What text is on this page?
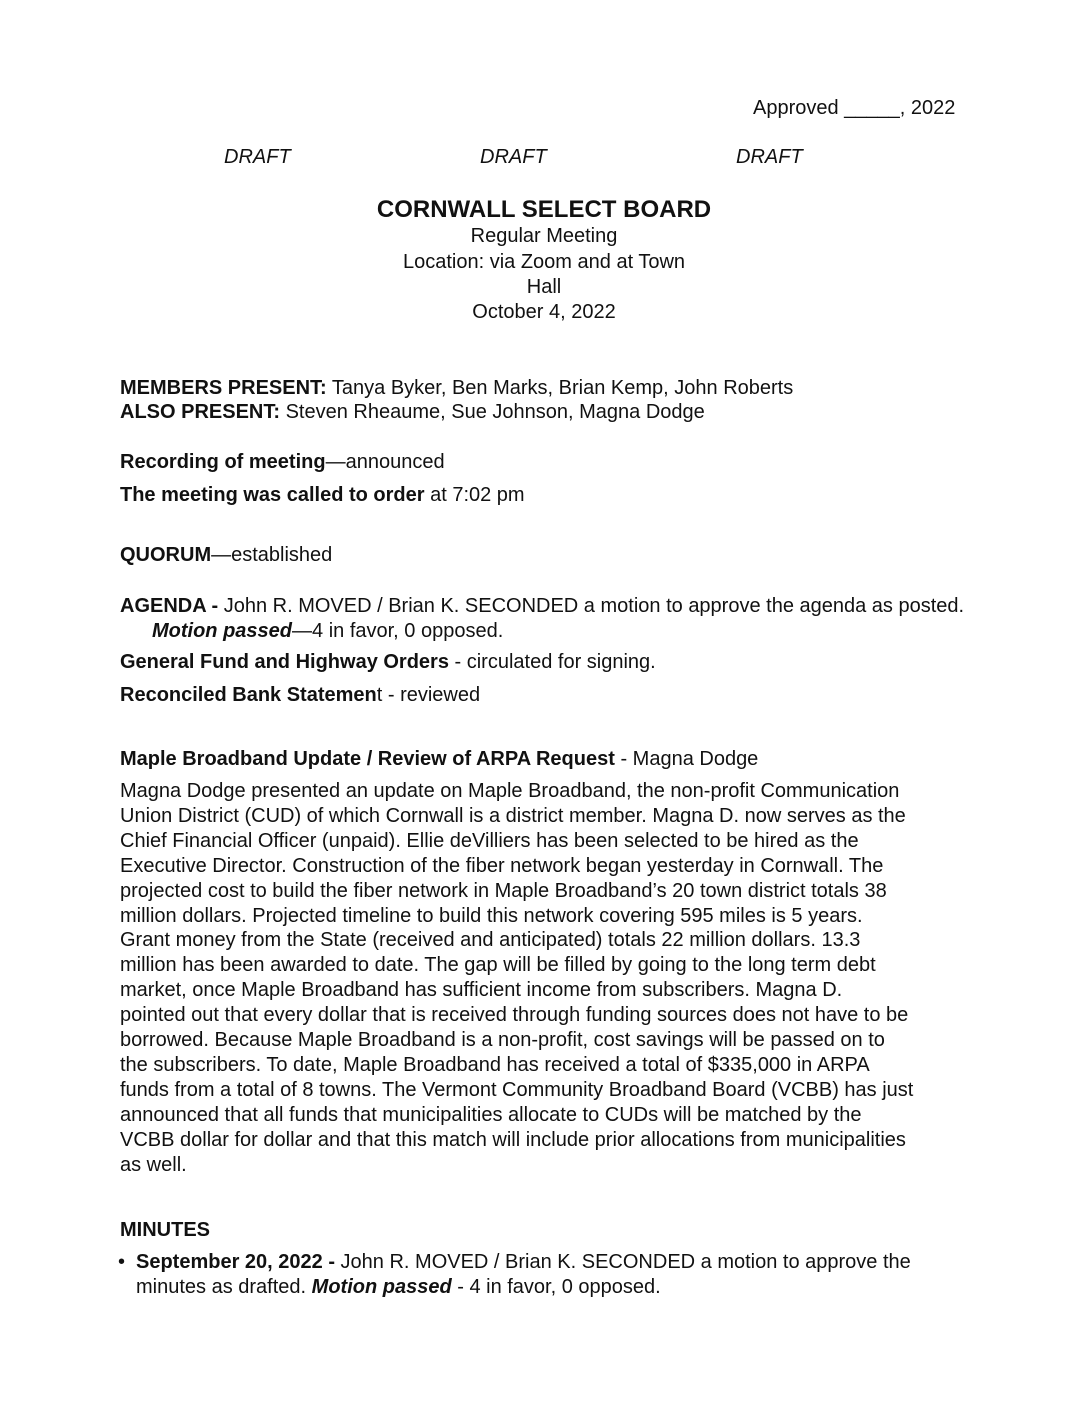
Approved _____, 2022

DRAFT	DRAFT	DRAFT

CORNWALL SELECT BOARD

Regular Meeting

Location: via Zoom and at Town

Hall

October 4, 2022

MEMBERS PRESENT: Tanya Byker, Ben Marks, Brian Kemp, John Roberts

ALSO PRESENT: Steven Rheaume, Sue Johnson, Magna Dodge

Recording of meeting—announced

The meeting was called to order at 7:02 pm

QUORUM—established

AGENDA - John R. MOVED / Brian K. SECONDED a motion to approve the agenda as posted. Motion passed—4 in favor, 0 opposed.

General Fund and Highway Orders - circulated for signing.

Reconciled Bank Statement - reviewed

Maple Broadband Update / Review of ARPA Request - Magna Dodge

Magna Dodge presented an update on Maple Broadband, the non-profit Communication
Union District (CUD) of which Cornwall is a district member. Magna D. now serves as the
Chief Financial Officer (unpaid). Ellie deVilliers has been selected to be hired as the
Executive Director. Construction of the fiber network began yesterday in Cornwall. The
projected cost to build the fiber network in Maple Broadband’s 20 town district totals 38
million dollars. Projected timeline to build this network covering 595 miles is 5 years.
Grant money from the State (received and anticipated) totals 22 million dollars. 13.3
million has been awarded to date. The gap will be filled by going to the long term debt
market, once Maple Broadband has sufficient income from subscribers. Magna D.
pointed out that every dollar that is received through funding sources does not have to be
borrowed. Because Maple Broadband is a non-profit, cost savings will be passed on to
the subscribers. To date, Maple Broadband has received a total of $335,000 in ARPA
funds from a total of 8 towns. The Vermont Community Broadband Board (VCBB) has just
announced that all funds that municipalities allocate to CUDs will be matched by the
VCBB dollar for dollar and that this match will include prior allocations from municipalities
as well.

MINUTES

• September 20, 2022 - John R. MOVED / Brian K. SECONDED a motion to approve the
minutes as drafted. Motion passed - 4 in favor, 0 opposed.
